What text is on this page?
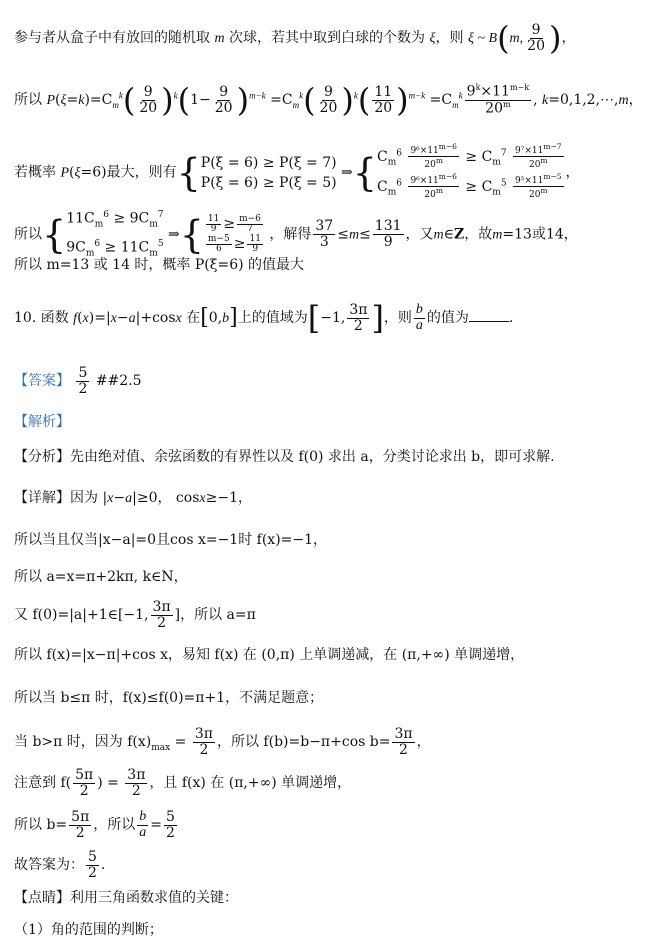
参与者从盒子中有放回的随机取 m 次球，若其中取到白球的个数为 ξ，则 ξ ~ B(m, $\frac{9}{20}$ )，
所以 $P(\xi=k)=C_m^k( \frac{9}{20} )^k(1- \frac{9}{20} )^{m-k} =C_m^k( \frac{9}{20} )^k( \frac{11}{20} )^{m-k} =C_m^k \frac{9^k\times 11^{m-k}}{20^m}$ , k=0,1,2,⋯,m，
若概率 P(ξ=6)最大，则有{ P(ξ = 6) ≥ P(ξ = 7)
P(ξ = 6) ≥ P(ξ = 5)
⇒{ $C_m^6 \frac{9^6\times 11^{m-6}}{20^m} \ge C_m^7 \frac{9^7\times 11^{m-7}}{20^m}$
$C_m^6 \frac{9^6\times 11^{m-6}}{20^m} \ge C_m^5 \frac{9^5\times 11^{m-5}}{20^m}$ ，
所以{ $11C_m^6 \ge 9C_m^7$
$9C_m^6 \ge 11C_m^5$
⇒{ $\frac{11}{9} \ge \frac{m-6}{7}$
$\frac{m-5}{6} \ge \frac{11}{9}$
，解得 $\frac{37}{3} \le m\le \frac{131}{9}$ ，又m∈Z，故m=13或14，
所以 m=13 或 14 时，概率 P(ξ=6) 的值最大
10. 函数 f(x)=|x−a|+cosx 在[0,b]上的值域为[−1, $\frac{3\pi}{2}$ ]，则 $\frac{b}{a}$ 的值为	.
【答案】 $\frac{5}{2}$ ##2.5
【解析】
【分析】先由绝对值、余弦函数的有界性以及 f(0) 求出 a，分类讨论求出 b，即可求解.
【详解】因为 |x−a|≥0， cosx≥−1，
所以当且仅当|x−a|=0且cos x=−1时 f(x)=−1，
所以 a=x=π+2kπ, k∈N，
又 f(0)=|a|+1∈[−1, $\frac{3\pi}{2}$ ]，所以 a=π
所以 f(x)=|x−π|+cos x，易知 f(x) 在 (0,π) 上单调递减，在 (π,+∞) 单调递增，
所以当 b≤π 时，f(x)≤f(0)=π+1，不满足题意；
当 b>π 时，因为 $f(x)_{max} = \frac{3\pi}{2}$ ，所以 f(b)=b−π+cos $b= \frac{3\pi}{2}$ ，
注意到 $f( \frac{5\pi}{2}$ ) = $\frac{3\pi}{2}$ ，且 f(x) 在 (π,+∞) 单调递增，
所以 $b= \frac{5\pi}{2}$ ，所以 $\frac{b}{a} = \frac{5}{2}$
故答案为： $\frac{5}{2}$ .
【点睛】利用三角函数求值的关键：
（1）角的范围的判断；
